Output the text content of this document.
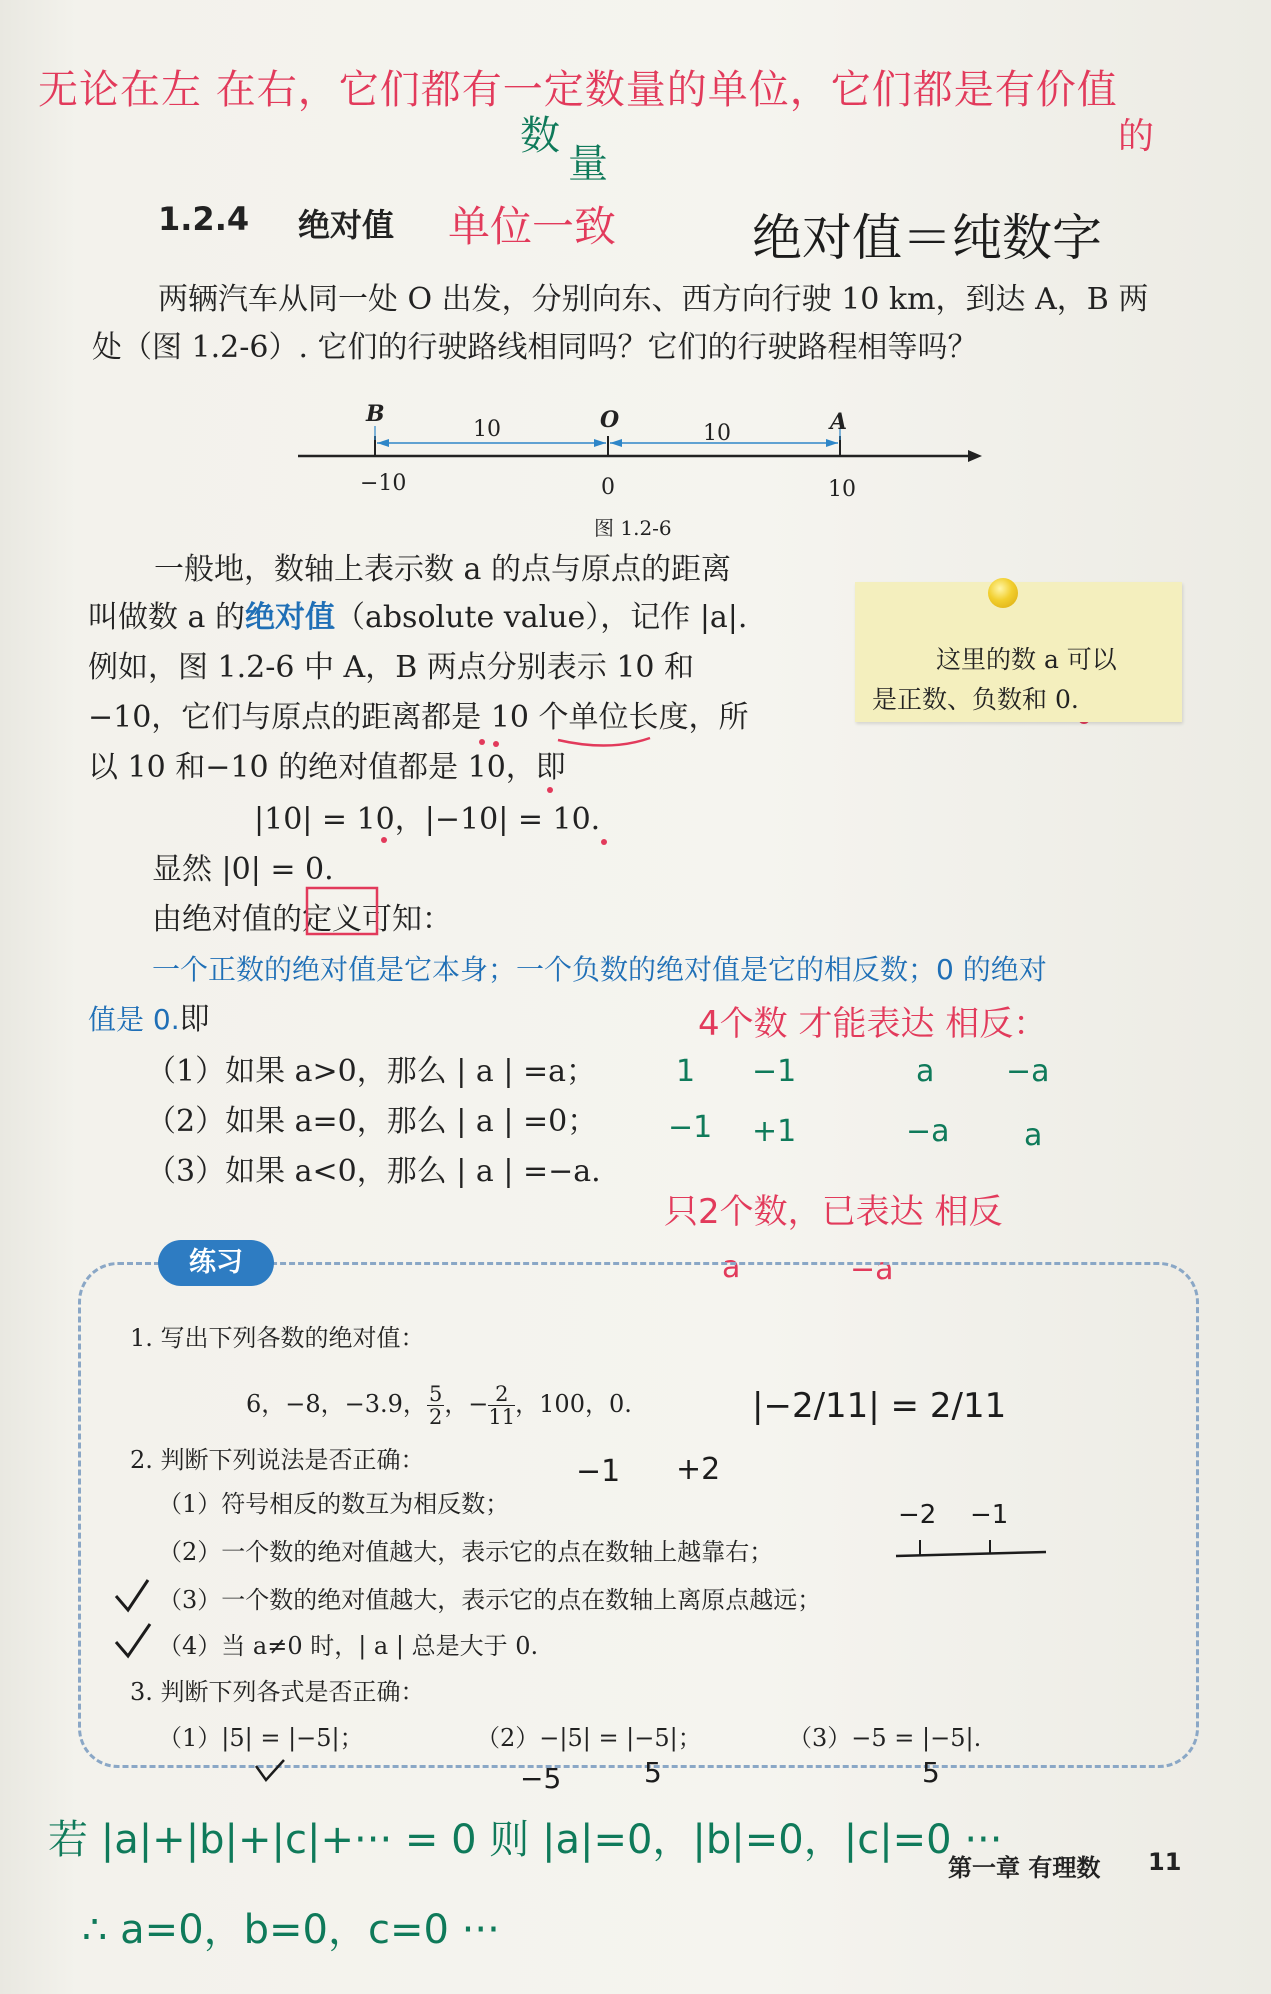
无论在左 在右，它们都有一定数量的单位，它们都是有价值
的
数
量
1.2.4 绝对值 单位一致	绝对值＝纯数字
两辆汽车从同一处 O 出发，分别向东、西方向行驶 10 km，到达 A，B 两
处（图 1.2-6）. 它们的行驶路线相同吗？它们的行驶路程相等吗？
B	O	A
10	10
−10	0	10
图 1.2-6
一般地，数轴上表示数 a 的点与原点的距离
叫做数 a 的绝对值（absolute value），记作 |a|.
例如，图 1.2-6 中 A，B 两点分别表示 10 和
−10，它们与原点的距离都是 10 个单位长度，所
以 10 和−10 的绝对值都是 10，即
|10| = 10，|−10| = 10.
显然 |0| = 0.
由绝对值的定义可知：
这里的数 a 可以
是正数、负数和 0.
一个正数的绝对值是它本身；一个负数的绝对值是它的相反数；0 的绝对
值是 0.即
（1）如果 a>0，那么 | a | =a；
（2）如果 a=0，那么 | a | =0；
（3）如果 a<0，那么 | a | =−a.
4个数 才能表达 相反：
1 −1	a −a
−1 +1	−a a
只2个数，已表达 相反
a	−a
练习
1. 写出下列各数的绝对值：
6，−8，−3.9， $\frac{5}{2}$ ，− $\frac{2}{11}$ ，100，0.	|−2/11| = 2/11
2. 判断下列说法是否正确：	−1 +2
（1）符号相反的数互为相反数；
（2）一个数的绝对值越大，表示它的点在数轴上越靠右；
−2 −1
（3）一个数的绝对值越大，表示它的点在数轴上离原点越远；
（4）当 a≠0 时，| a | 总是大于 0.
3. 判断下列各式是否正确：
（1）|5| = |−5|；	（2）−|5| = |−5|；	（3）−5 = |−5|.
−5	5	5
若 |a|+|b|+|c|+··· = 0 则 |a|=0，|b|=0，|c|=0 ···
第一章 有理数 11
∴ a=0，b=0，c=0 ···
